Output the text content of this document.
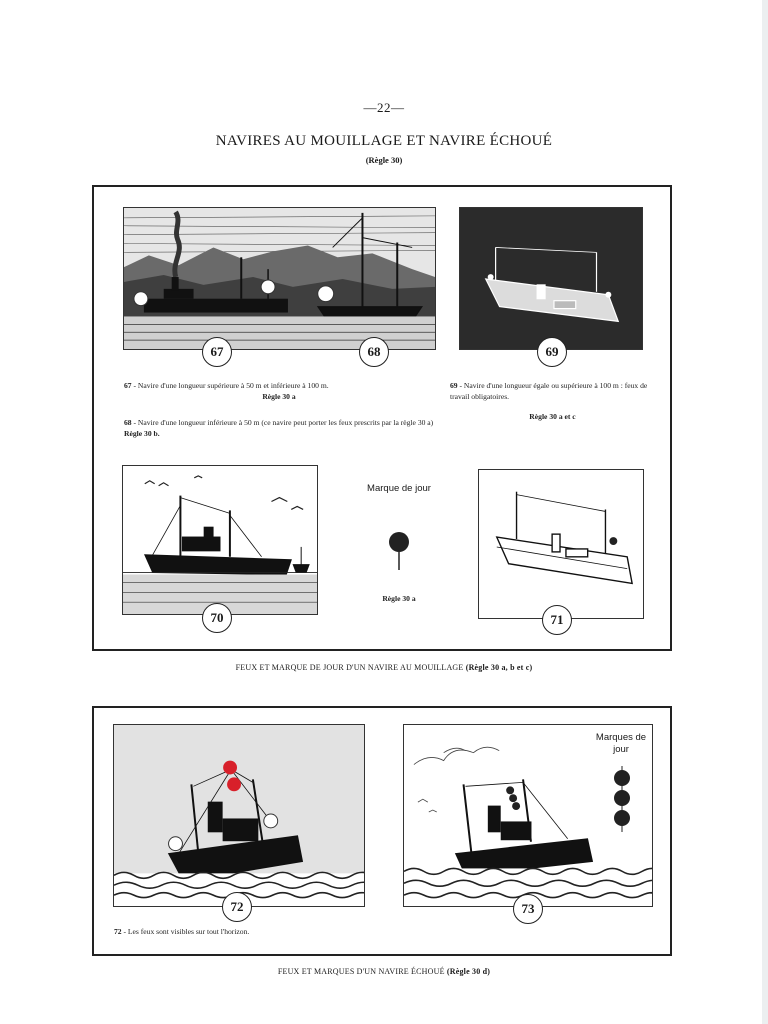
—22—
NAVIRES AU MOUILLAGE ET NAVIRE ÉCHOUÉ
(Règle 30)
67	68	69
67 - Navire d'une longueur supérieure à 50 m et inférieure à 100 m.
Règle 30 a
68 - Navire d'une longueur inférieure à 50 m (ce navire peut porter les feux prescrits par la règle 30 a) Règle 30 b.
69 - Navire d'une longueur égale ou supérieure à 100 m : feux de travail obligatoires.
Règle 30 a et c
70
Marque de jour
Règle 30 a
71
FEUX ET MARQUE DE JOUR D'UN NAVIRE AU MOUILLAGE (Règle 30 a, b et c)
72
Marques de
jour
73
72 - Les feux sont visibles sur tout l'horizon.
FEUX ET MARQUES D'UN NAVIRE ÉCHOUÉ (Règle 30 d)
